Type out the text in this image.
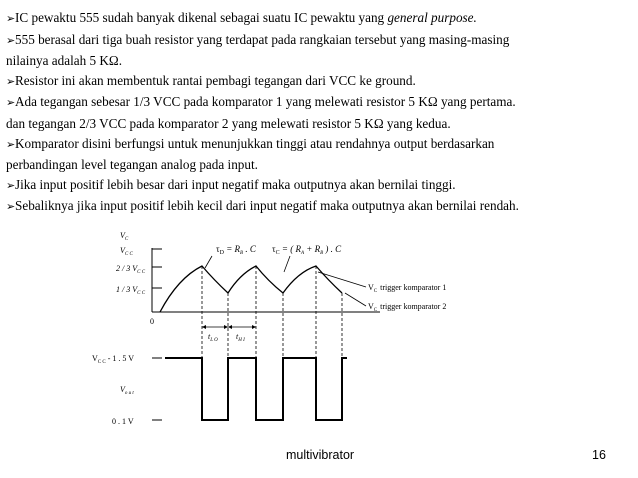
➢IC pewaktu 555 sudah banyak dikenal sebagai suatu IC pewaktu yang general purpose.

➢555 berasal dari tiga buah resistor yang terdapat pada rangkaian tersebut yang masing-masing

nilainya adalah 5 KΩ.

➢Resistor ini akan membentuk rantai pembagi tegangan dari VCC ke ground.

➢Ada tegangan sebesar 1/3 VCC pada komparator 1 yang melewati resistor 5 KΩ yang pertama.

dan tegangan 2/3 VCC pada komparator 2 yang melewati resistor 5 KΩ yang kedua.

➢Komparator disini berfungsi untuk menunjukkan tinggi atau rendahnya output berdasarkan

perbandingan level tegangan analog pada input.

➢Jika input positif lebih besar dari input negatif maka outputnya akan bernilai tinggi.

➢Sebaliknya jika input positif lebih kecil dari input negatif maka outputnya akan bernilai rendah.

$V_C$
$V_{C C}$
2 / 3 $V_{C C}$
1 / 3 $V_{C C}$
0
$\tau_D = R_B$ . C $\tau_C$ = ( $R_A + R_B$ ) . C
$V_C$ trigger komparator 1
$V_C$ trigger komparator 2
$t_{L O}$ $t_{H I}$
$V_{C C} - 1$ . 5 V
$V_{o u t}$
0 . 1 V
multivibrator	16
